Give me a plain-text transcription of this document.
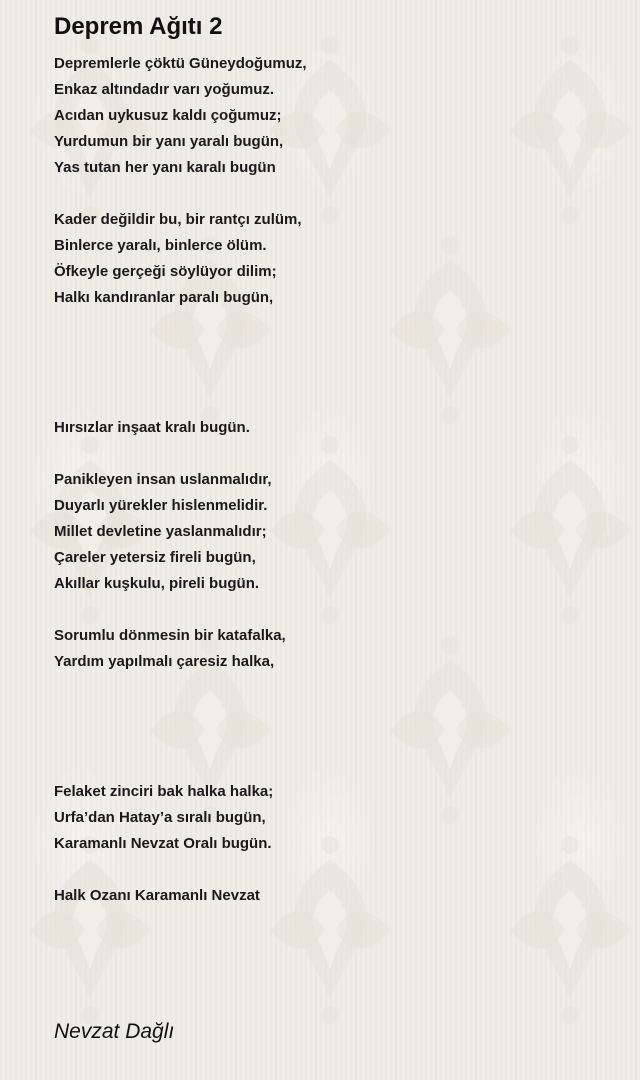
Deprem Ağıtı 2
Depremlerle çöktü Güneydoğumuz,
Enkaz altındadır varı yoğumuz.
Acıdan uykusuz kaldı çoğumuz;
Yurdumun bir yanı yaralı bugün,
Yas tutan her yanı karalı bugün
Kader değildir bu, bir rantçı zulüm,
Binlerce yaralı, binlerce ölüm.
Öfkeyle gerçeği söylüyor dilim;
Halkı kandıranlar paralı bugün,
Hırsızlar inşaat kralı bugün.
Panikleyen insan uslanmalıdır,
Duyarlı yürekler hislenmelidir.
Millet devletine yaslanmalıdır;
Çareler yetersiz fireli bugün,
Akıllar kuşkulu, pireli bugün.
Sorumlu dönmesin bir katafalka,
Yardım yapılmalı çaresiz halka,
Felaket zinciri bak halka halka;
Urfa’dan Hatay’a sıralı bugün,
Karamanlı Nevzat Oralı bugün.
Halk Ozanı Karamanlı Nevzat
Nevzat Dağlı
